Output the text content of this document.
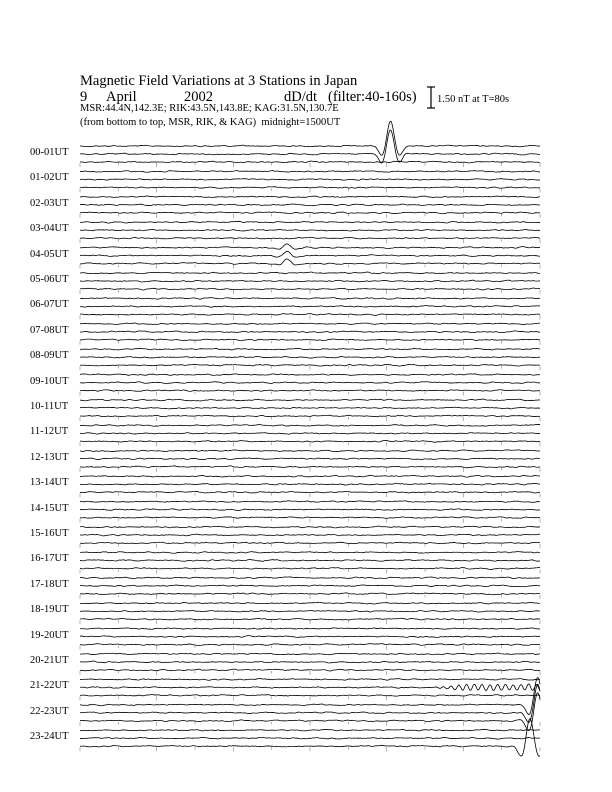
Magnetic Field Variations at 3 Stations in Japan
9 April	2002	dD/dt (filter:40-160s)
MSR:44.4N,142.3E; RIK:43.5N,143.8E; KAG:31.5N,130.7E
(from bottom to top, MSR, RIK, & KAG) midnight=1500UT
1.50 nT at T=80s
00-01UT
01-02UT
02-03UT
03-04UT
04-05UT
05-06UT
06-07UT
07-08UT
08-09UT
09-10UT
10-11UT
11-12UT
12-13UT
13-14UT
14-15UT
15-16UT
16-17UT
17-18UT
18-19UT
19-20UT
20-21UT
21-22UT
22-23UT
23-24UT
